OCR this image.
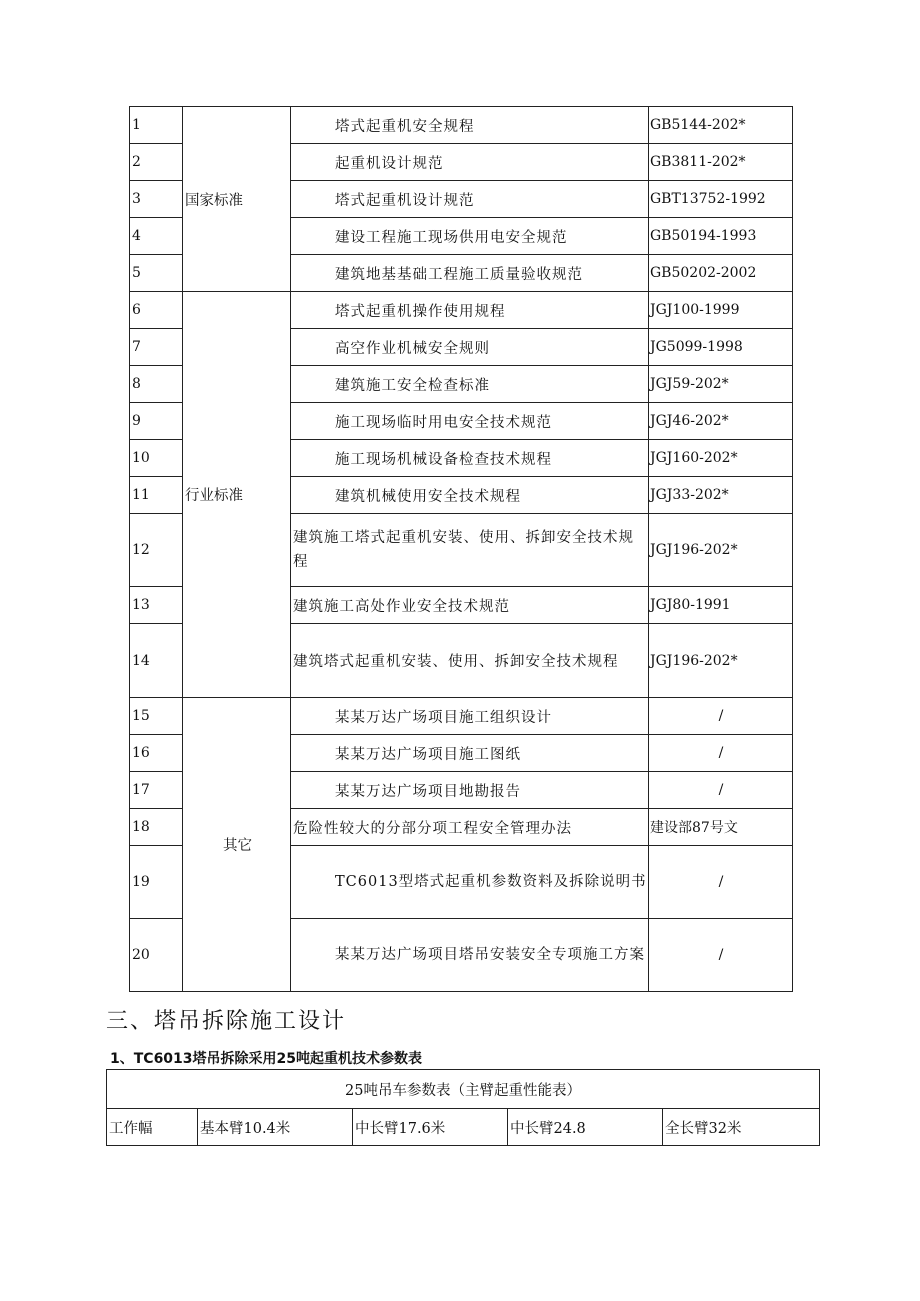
1	国家标准	塔式起重机安全规程	GB5144-202*
2		起重机设计规范	GB3811-202*
3		塔式起重机设计规范	GBT13752-1992
4		建设工程施工现场供用电安全规范	GB50194-1993
5		建筑地基基础工程施工质量验收规范	GB50202-2002
6	行业标准	塔式起重机操作使用规程	JGJ100-1999
7		高空作业机械安全规则	JG5099-1998
8		建筑施工安全检查标准	JGJ59-202*
9		施工现场临时用电安全技术规范	JGJ46-202*
10		施工现场机械设备检查技术规程	JGJ160-202*
11		建筑机械使用安全技术规程	JGJ33-202*
12		建筑施工塔式起重机安装、使用、拆卸安全技术规程	JGJ196-202*
13		建筑施工高处作业安全技术规范	JGJ80-1991
14		建筑塔式起重机安装、使用、拆卸安全技术规程	JGJ196-202*
15	其它	某某万达广场项目施工组织设计	/
16		某某万达广场项目施工图纸	/
17		某某万达广场项目地勘报告	/
18		危险性较大的分部分项工程安全管理办法	建设部87号文
19		TC6013型塔式起重机参数资料及拆除说明书	/
20		某某万达广场项目塔吊安装安全专项施工方案	/
三、塔吊拆除施工设计
1、TC6013塔吊拆除采用25吨起重机技术参数表
25吨吊车参数表（主臂起重性能表）
工作幅	基本臂10.4米	中长臂17.6米	中长臂24.8	全长臂32米
